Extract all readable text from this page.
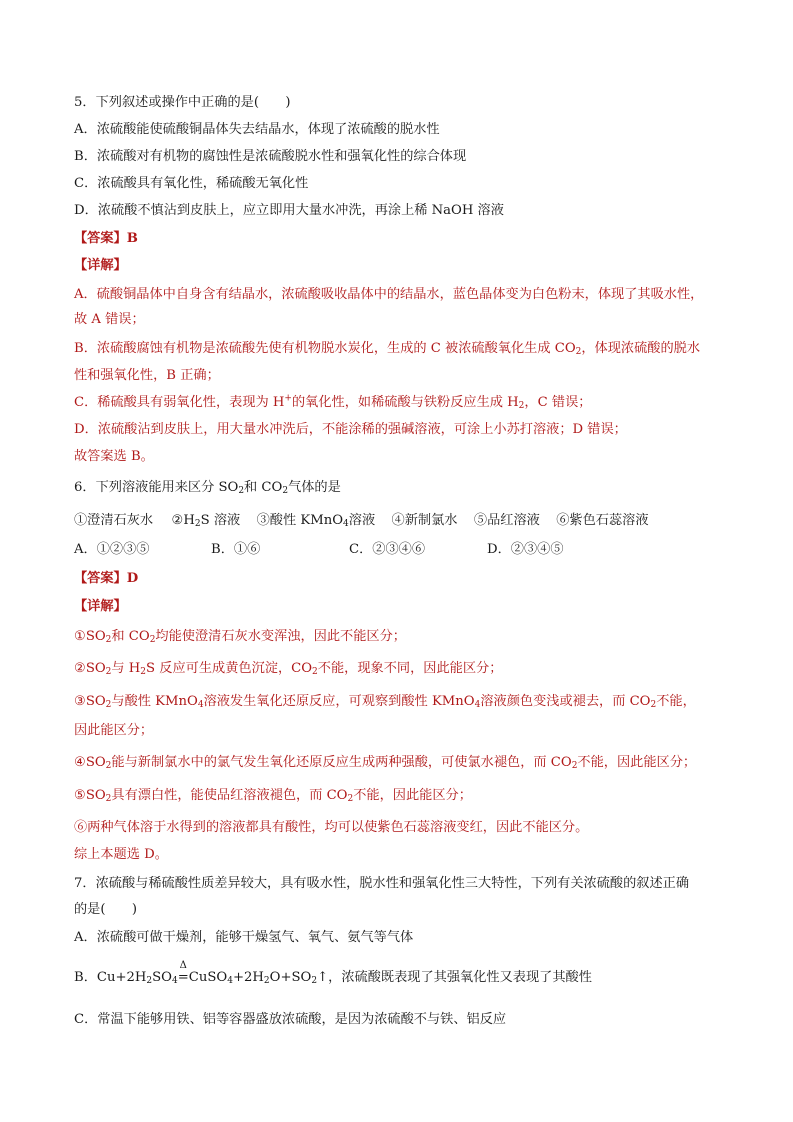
5．下列叙述或操作中正确的是(　　)
A．浓硫酸能使硫酸铜晶体失去结晶水，体现了浓硫酸的脱水性
B．浓硫酸对有机物的腐蚀性是浓硫酸脱水性和强氧化性的综合体现
C．浓硫酸具有氧化性，稀硫酸无氧化性
D．浓硫酸不慎沾到皮肤上，应立即用大量水冲洗，再涂上稀 NaOH 溶液
【答案】B
【详解】
A．硫酸铜晶体中自身含有结晶水，浓硫酸吸收晶体中的结晶水，蓝色晶体变为白色粉末，体现了其吸水性，
故 A 错误；
B．浓硫酸腐蚀有机物是浓硫酸先使有机物脱水炭化，生成的 C 被浓硫酸氧化生成 $CO_2$，体现浓硫酸的脱水
性和强氧化性，B 正确；
C．稀硫酸具有弱氧化性，表现为 H+的氧化性，如稀硫酸与铁粉反应生成 $H_2$，C 错误；
D．浓硫酸沾到皮肤上，用大量水冲洗后，不能涂稀的强碱溶液，可涂上小苏打溶液；D 错误；
故答案选 B。
6．下列溶液能用来区分 $SO_2$和 $CO_2$气体的是
①澄清石灰水 $②H_2S$ 溶液 ③酸性 KMnO$_4$溶液 ④新制氯水 ⑤品红溶液 ⑥紫色石蕊溶液
A．①②③⑤	B．①⑥	C．②③④⑥	D．②③④⑤
【答案】D
【详解】
$①SO_2$和 $CO_2$均能使澄清石灰水变浑浊，因此不能区分；
$②SO_2$与 $H_2S$ 反应可生成黄色沉淀，$CO_2$不能，现象不同，因此能区分；
$③SO_2$与酸性 KMnO$_4$溶液发生氧化还原反应，可观察到酸性 KMnO$_4$溶液颜色变浅或褪去，而 $CO_2$不能，
因此能区分；
$④SO_2$能与新制氯水中的氯气发生氧化还原反应生成两种强酸，可使氯水褪色，而 $CO_2$不能，因此能区分；
$⑤SO_2$具有漂白性，能使品红溶液褪色，而 $CO_2$不能，因此能区分；
⑥两种气体溶于水得到的溶液都具有酸性，均可以使紫色石蕊溶液变红，因此不能区分。
综上本题选 D。
7．浓硫酸与稀硫酸性质差异较大，具有吸水性，脱水性和强氧化性三大特性，下列有关浓硫酸的叙述正确
的是(　　)
A．浓硫酸可做干燥剂，能够干燥氢气、氧气、氨气等气体
B．$Cu+2H_2SO_4$
Δ
$=CuSO_4+2H_2O+SO_2↑$，浓硫酸既表现了其强氧化性又表现了其酸性
C．常温下能够用铁、铝等容器盛放浓硫酸，是因为浓硫酸不与铁、铝反应
